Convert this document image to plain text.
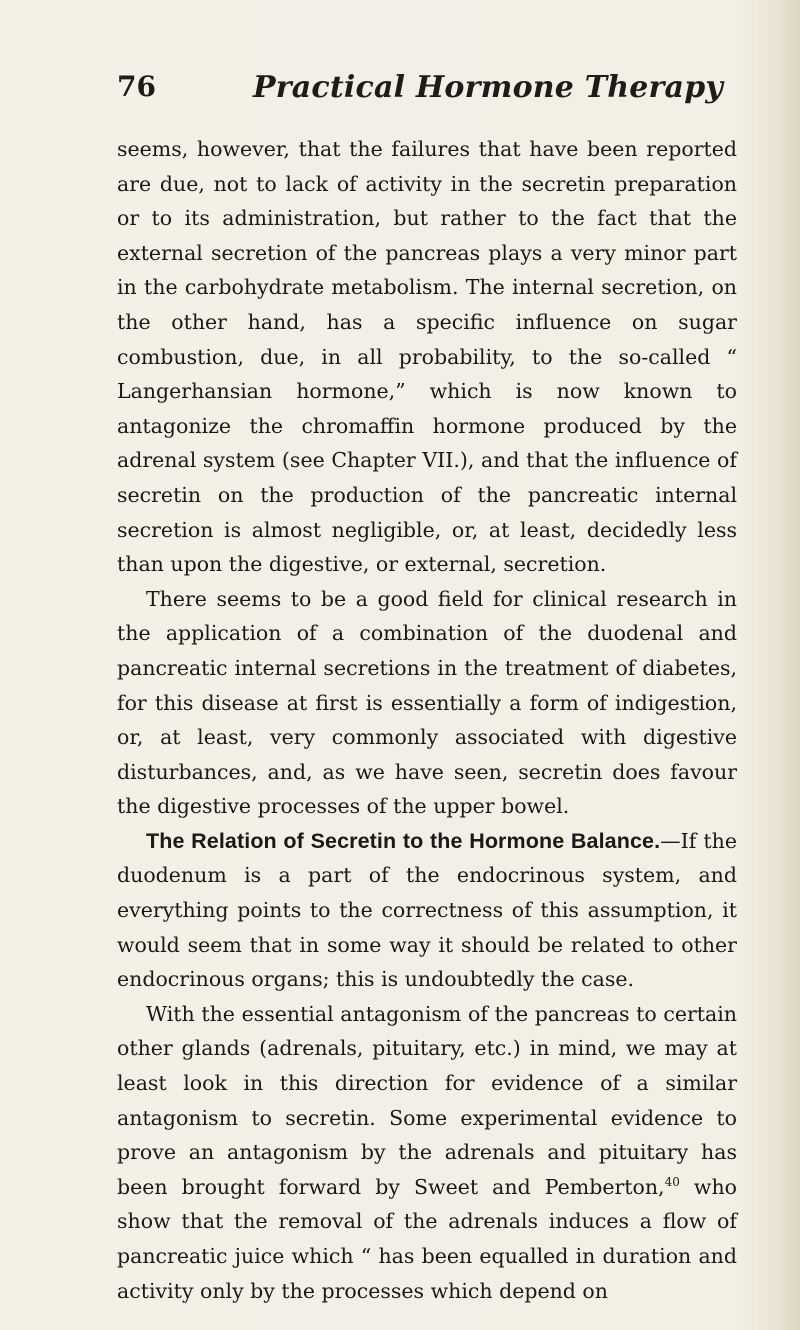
76	Practical Hormone Therapy

seems, however, that the failures that have been reported are due, not to lack of activity in the secretin preparation or to its administration, but rather to the fact that the external secretion of the pancreas plays a very minor part in the carbohydrate metabolism. The internal secretion, on the other hand, has a specific influence on sugar combustion, due, in all probability, to the so-called “ Langerhansian hormone,” which is now known to antagonize the chromaffin hormone produced by the adrenal system (see Chapter VII.), and that the influence of secretin on the production of the pancreatic internal secretion is almost negligible, or, at least, decidedly less than upon the digestive, or external, secretion.

There seems to be a good field for clinical research in the application of a combination of the duodenal and pancreatic internal secretions in the treatment of diabetes, for this disease at first is essentially a form of indigestion, or, at least, very commonly associated with digestive disturbances, and, as we have seen, secretin does favour the digestive processes of the upper bowel.

The Relation of Secretin to the Hormone Balance.—If the duodenum is a part of the endocrinous system, and everything points to the correctness of this assumption, it would seem that in some way it should be related to other endocrinous organs; this is undoubtedly the case.

With the essential antagonism of the pancreas to certain other glands (adrenals, pituitary, etc.) in mind, we may at least look in this direction for evidence of a similar antagonism to secretin. Some experimental evidence to prove an antagonism by the adrenals and pituitary has been brought forward by Sweet and Pemberton,$^{40}$ who show that the removal of the adrenals induces a flow of pancreatic juice which “ has been equalled in duration and activity only by the processes which depend on
